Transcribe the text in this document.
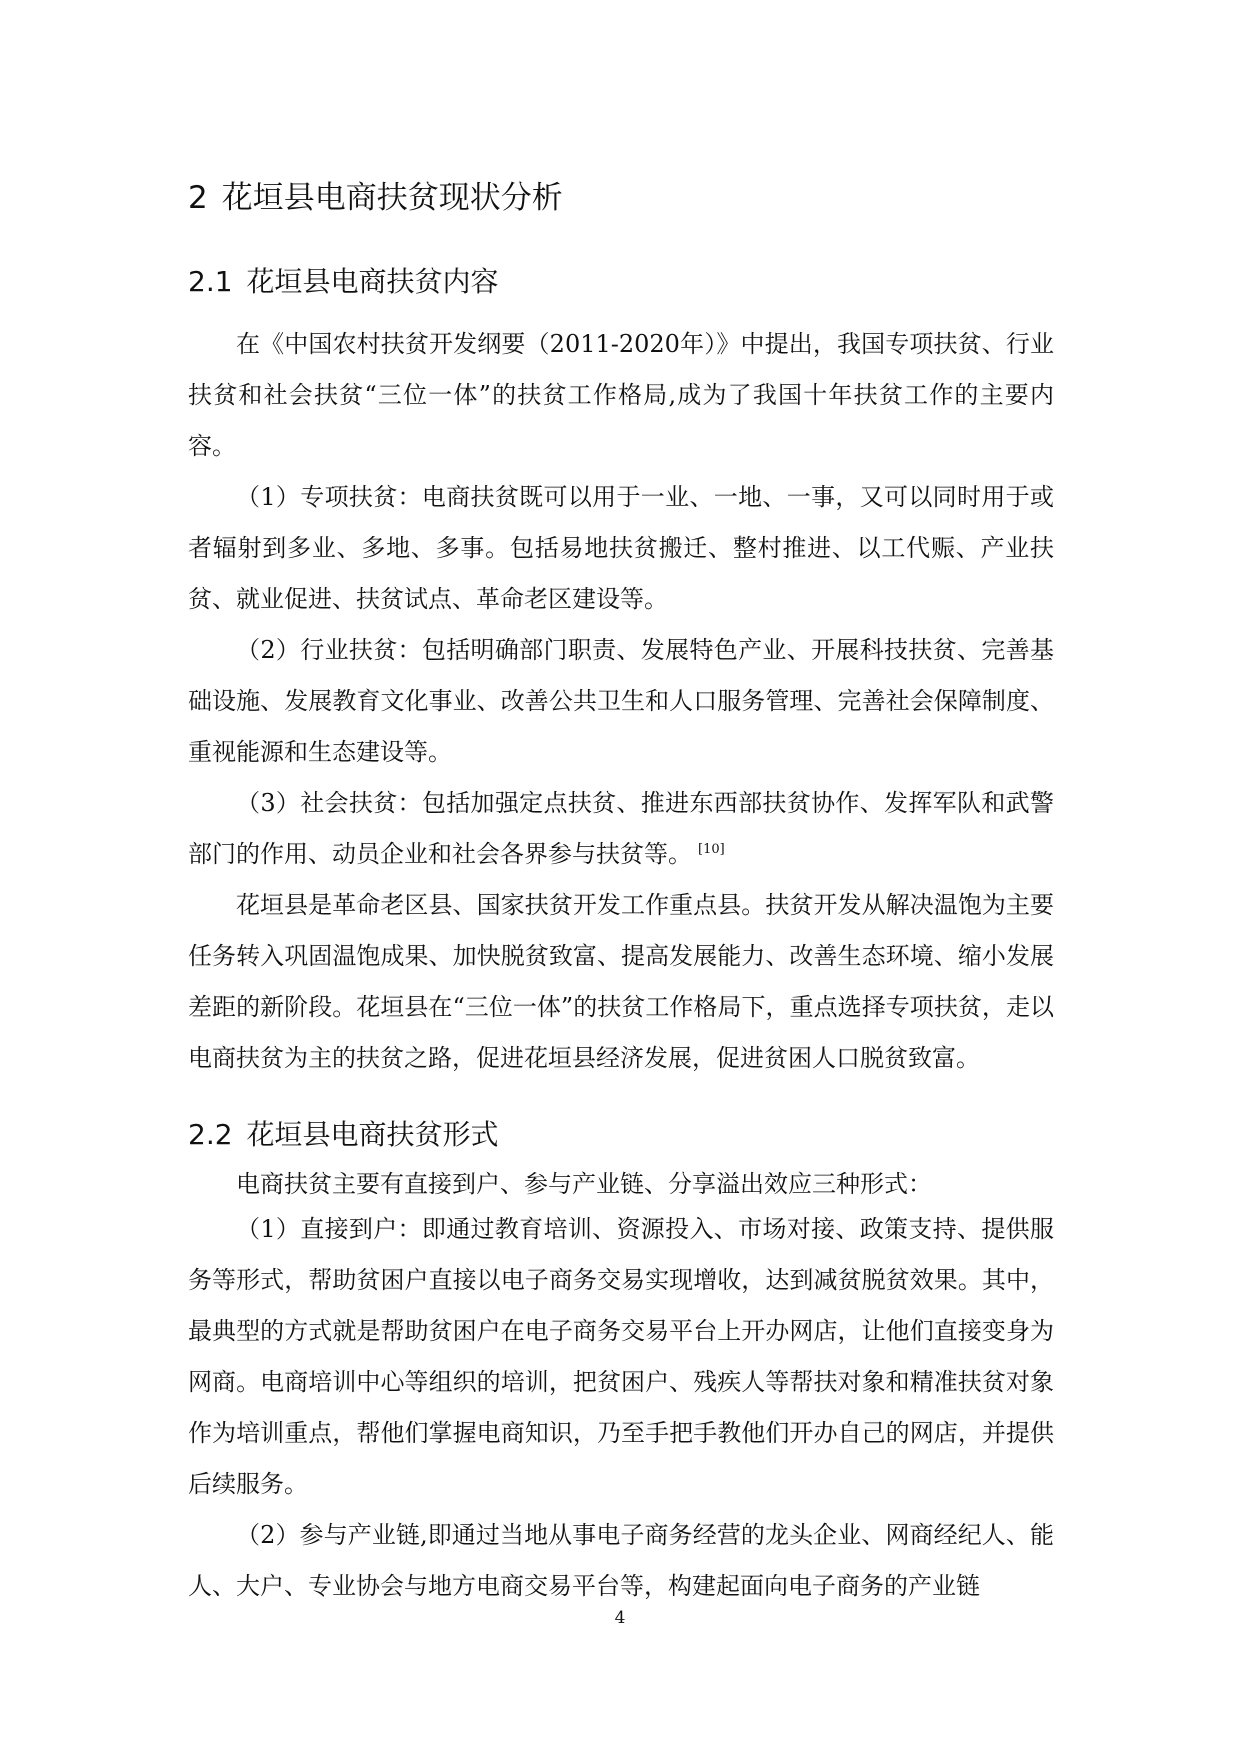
2 花垣县电商扶贫现状分析
2.1 花垣县电商扶贫内容

在《中国农村扶贫开发纲要（2011-2020年）》中提出，我国专项扶贫、行业扶贫和社会扶贫“三位一体”的扶贫工作格局,成为了我国十年扶贫工作的主要内容。

（1）专项扶贫：电商扶贫既可以用于一业、一地、一事，又可以同时用于或者辐射到多业、多地、多事。包括易地扶贫搬迁、整村推进、以工代赈、产业扶贫、就业促进、扶贫试点、革命老区建设等。

（2）行业扶贫：包括明确部门职责、发展特色产业、开展科技扶贫、完善基础设施、发展教育文化事业、改善公共卫生和人口服务管理、完善社会保障制度、重视能源和生态建设等。

（3）社会扶贫：包括加强定点扶贫、推进东西部扶贫协作、发挥军队和武警部门的作用、动员企业和社会各界参与扶贫等。 [10]

花垣县是革命老区县、国家扶贫开发工作重点县。扶贫开发从解决温饱为主要任务转入巩固温饱成果、加快脱贫致富、提高发展能力、改善生态环境、缩小发展差距的新阶段。花垣县在“三位一体”的扶贫工作格局下，重点选择专项扶贫，走以电商扶贫为主的扶贫之路，促进花垣县经济发展，促进贫困人口脱贫致富。

2.2 花垣县电商扶贫形式

电商扶贫主要有直接到户、参与产业链、分享溢出效应三种形式：

（1）直接到户：即通过教育培训、资源投入、市场对接、政策支持、提供服务等形式，帮助贫困户直接以电子商务交易实现增收，达到减贫脱贫效果。其中，最典型的方式就是帮助贫困户在电子商务交易平台上开办网店，让他们直接变身为网商。电商培训中心等组织的培训，把贫困户、残疾人等帮扶对象和精准扶贫对象作为培训重点，帮他们掌握电商知识，乃至手把手教他们开办自己的网店，并提供后续服务。

（2）参与产业链,即通过当地从事电子商务经营的龙头企业、网商经纪人、能人、大户、专业协会与地方电商交易平台等，构建起面向电子商务的产业链

4
